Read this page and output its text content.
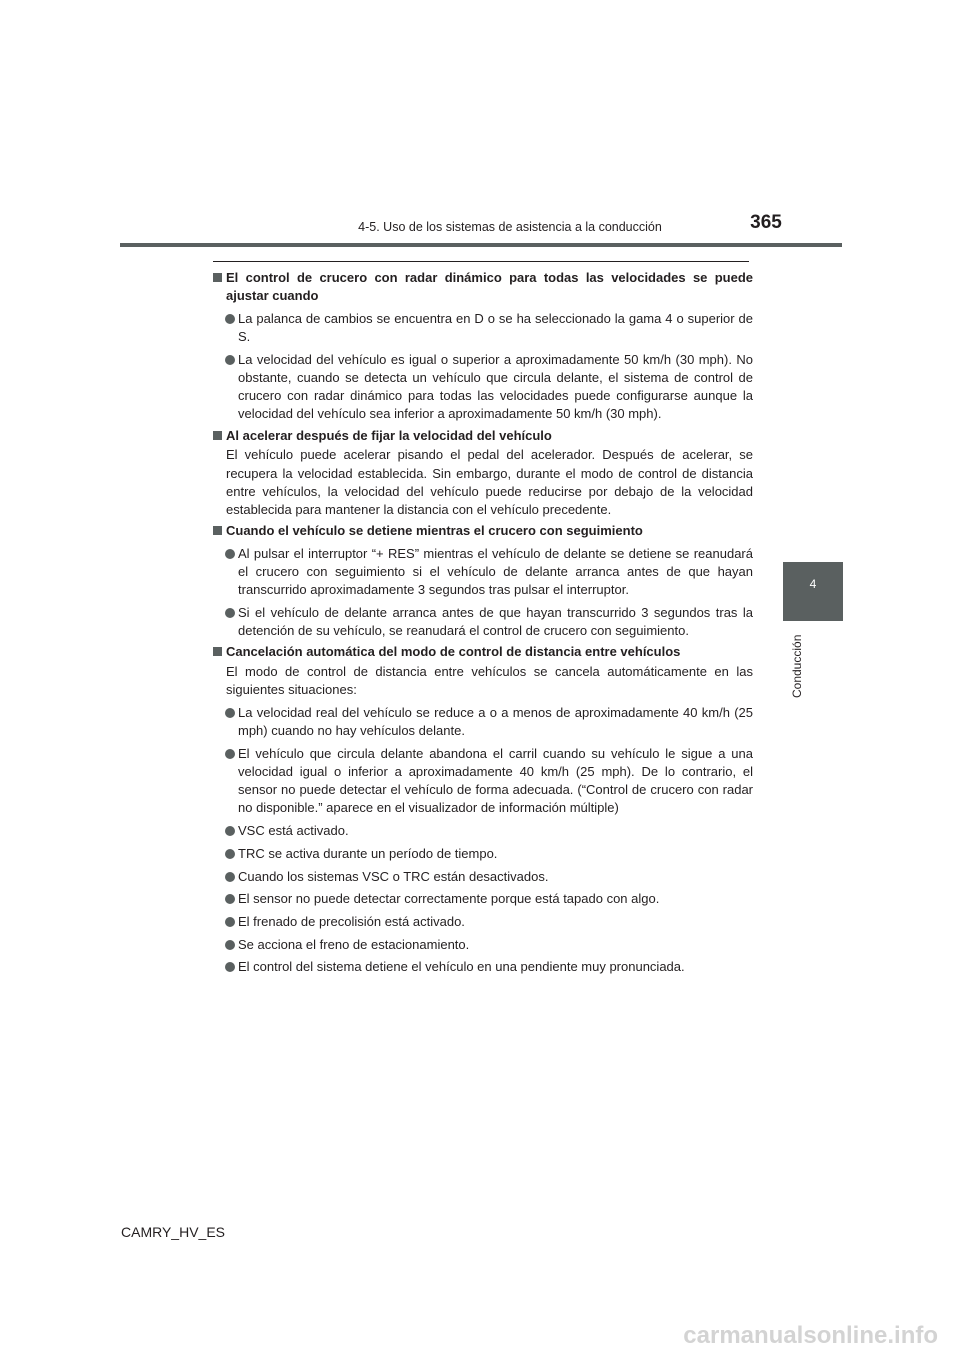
4-5. Uso de los sistemas de asistencia a la conducción	365
4
Conducción
El control de crucero con radar dinámico para todas las velocidades se puede ajustar cuando
La palanca de cambios se encuentra en D o se ha seleccionado la gama 4 o superior de S.
La velocidad del vehículo es igual o superior a aproximadamente 50 km/h (30 mph). No obstante, cuando se detecta un vehículo que circula delante, el sistema de control de crucero con radar dinámico para todas las velocidades puede configurarse aunque la velocidad del vehículo sea inferior a aproximadamente 50 km/h (30 mph).
Al acelerar después de fijar la velocidad del vehículo
El vehículo puede acelerar pisando el pedal del acelerador. Después de acelerar, se recupera la velocidad establecida. Sin embargo, durante el modo de control de distancia entre vehículos, la velocidad del vehículo puede reducirse por debajo de la velocidad establecida para mantener la distancia con el vehículo precedente.
Cuando el vehículo se detiene mientras el crucero con seguimiento
Al pulsar el interruptor “+ RES” mientras el vehículo de delante se detiene se reanudará el crucero con seguimiento si el vehículo de delante arranca antes de que hayan transcurrido aproximadamente 3 segundos tras pulsar el interruptor.
Si el vehículo de delante arranca antes de que hayan transcurrido 3 segundos tras la detención de su vehículo, se reanudará el control de crucero con seguimiento.
Cancelación automática del modo de control de distancia entre vehículos
El modo de control de distancia entre vehículos se cancela automáticamente en las siguientes situaciones:
La velocidad real del vehículo se reduce a o a menos de aproximadamente 40 km/h (25 mph) cuando no hay vehículos delante.
El vehículo que circula delante abandona el carril cuando su vehículo le sigue a una velocidad igual o inferior a aproximadamente 40 km/h (25 mph). De lo contrario, el sensor no puede detectar el vehículo de forma adecuada. (“Control de crucero con radar no disponible.” aparece en el visualizador de información múltiple)
VSC está activado.
TRC se activa durante un período de tiempo.
Cuando los sistemas VSC o TRC están desactivados.
El sensor no puede detectar correctamente porque está tapado con algo.
El frenado de precolisión está activado.
Se acciona el freno de estacionamiento.
El control del sistema detiene el vehículo en una pendiente muy pronunciada.
CAMRY_HV_ES
carmanualsonline.info
